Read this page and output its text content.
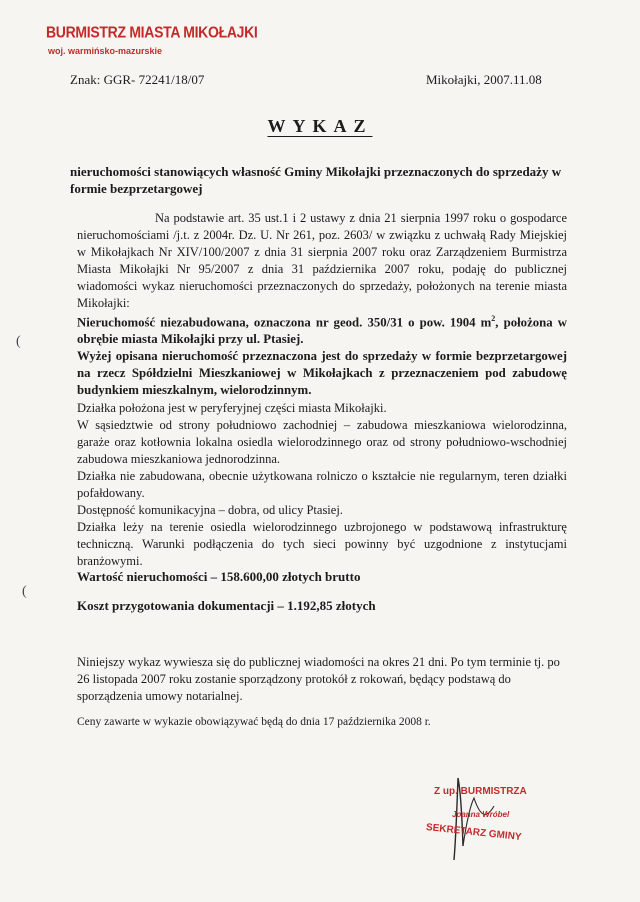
BURMISTRZ MIASTA MIKOŁAJKI
woj. warmińsko-mazurskie
Znak: GGR- 72241/18/07	Mikołajki, 2007.11.08
WYKAZ
nieruchomości stanowiących własność Gminy Mikołajki przeznaczonych do sprzedaży w formie bezprzetargowej
Na podstawie art. 35 ust.1 i 2 ustawy z dnia 21 sierpnia 1997 roku o gospodarce nieruchomościami /j.t. z 2004r. Dz. U. Nr 261, poz. 2603/ w związku z uchwałą Rady Miejskiej w Mikołajkach Nr XIV/100/2007 z dnia 31 sierpnia 2007 roku oraz Zarządzeniem Burmistrza Miasta Mikołajki Nr 95/2007 z dnia 31 października 2007 roku, podaję do publicznej wiadomości wykaz nieruchomości przeznaczonych do sprzedaży, położonych na terenie miasta Mikołajki:
Nieruchomość niezabudowana, oznaczona nr geod. 350/31 o pow. 1904 $m^2$, położona w obrębie miasta Mikołajki przy ul. Ptasiej.
Wyżej opisana nieruchomość przeznaczona jest do sprzedaży w formie bezprzetargowej na rzecz Spółdzielni Mieszkaniowej w Mikołajkach z przeznaczeniem pod zabudowę budynkiem mieszkalnym, wielorodzinnym.
Działka położona jest w peryferyjnej części miasta Mikołajki.
W sąsiedztwie od strony południowo zachodniej – zabudowa mieszkaniowa wielorodzinna, garaże oraz kotłownia lokalna osiedla wielorodzinnego oraz od strony południowo-wschodniej zabudowa mieszkaniowa jednorodzinna.
Działka nie zabudowana, obecnie użytkowana rolniczo o kształcie nie regularnym, teren działki pofałdowany.
Dostępność komunikacyjna – dobra, od ulicy Ptasiej.
Działka leży na terenie osiedla wielorodzinnego uzbrojonego w podstawową infrastrukturę techniczną. Warunki podłączenia do tych sieci powinny być uzgodnione z instytucjami branżowymi.
Wartość nieruchomości – 158.600,00 złotych brutto
Koszt przygotowania dokumentacji – 1.192,85 złotych
Niniejszy wykaz wywiesza się do publicznej wiadomości na okres 21 dni. Po tym terminie tj. po 26 listopada 2007 roku zostanie sporządzony protokół z rokowań, będący podstawą do sporządzenia umowy notarialnej.
Ceny zawarte w wykazie obowiązywać będą do dnia 17 października 2008 r.
Z up. BURMISTRZA
Joanna Wróbel
SEKRETARZ GMINY
(
(
